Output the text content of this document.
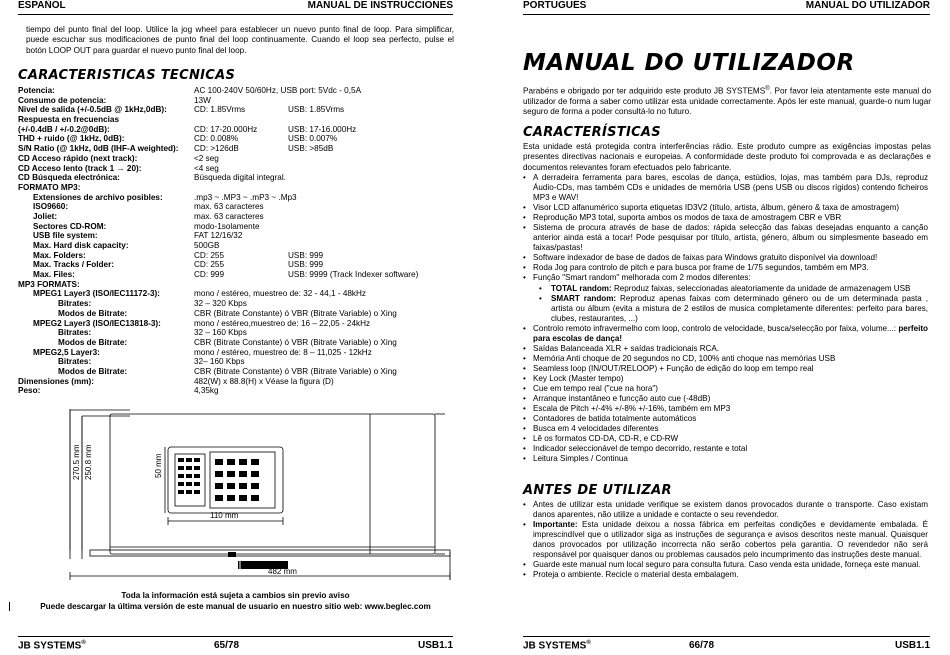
ESPAÑOL	MANUAL DE INSTRUCCIONES
tiempo del punto final del loop. Utilice la jog wheel para establecer un nuevo punto final de loop. Para simplificar, puede escuchar sus modificaciones de punto final del loop continuamente. Cuando el loop sea perfecto, pulse el botón LOOP OUT para guardar el nuevo punto final del loop.
CARACTERISTICAS TECNICAS
Potencia:	AC 100-240V 50/60Hz, USB port: 5Vdc - 0,5A
Consumo de potencia:	13W
Nivel de salida (+/-0.5dB @ 1kHz,0dB):	CD: 1.85Vrms	USB: 1.85Vrms
Respuesta en frecuencias
(+/-0.4dB / +/-0.2@0dB):	CD: 17-20.000Hz	USB: 17-16.000Hz
THD + ruido (@ 1kHz, 0dB):	CD: 0.008%	USB: 0.007%
S/N Ratio (@ 1kHz, 0dB (IHF-A weighted): CD: >126dB	USB: >85dB
CD Acceso rápido (next track):	<2 seg
CD Acceso lento (track 1 → 20):	<4 seg
CD Búsqueda electrónica:	Búsqueda digital integral.
FORMATO MP3:
Extensiones de archivo posibles:	.mp3 ~ .MP3 ~ .mP3 ~ .Mp3
ISO9660:	max. 63 caracteres
Joliet:	max. 63 caracteres
Sectores CD-ROM:	modo-1solamente
USB file system:	FAT 12/16/32
Max. Hard disk capacity:	500GB
Max. Folders:	CD: 255	USB: 999
Max. Tracks / Folder:	CD: 255	USB: 999
Max. Files:	CD: 999	USB: 9999 (Track Indexer software)
MP3 FORMATS:
MPEG1 Layer3 (ISO/IEC11172-3):	mono / estéreo, muestreo de: 32 - 44,1 - 48kHz
Bitrates:	32 – 320 Kbps
Modos de Bitrate:	CBR (Bitrate Constante) ó VBR (Bitrate Variable) o Xing
MPEG2 Layer3 (ISO/IEC13818-3):	mono / estéreo,muestreo de: 16 – 22,05 - 24kHz
Bitrates:	32 – 160 Kbps
Modos de Bitrate:	CBR (Bitrate Constante) ó VBR (Bitrate Variable) o Xing
MPEG2,5 Layer3:	mono / estéreo, muestreo de: 8 – 11,025 - 12kHz
Bitrates:	32– 160 Kbps
Modos de Bitrate:	CBR (Bitrate Constante) ó VBR (Bitrate Variable) o Xing
Dimensiones (mm):	482(W) x 88.8(H) x Véase la figura (D)
Peso:	4,35kg
270.5 mm 250.8 mm	50 mm
110 mm
482 mm
Toda la información está sujeta a cambios sin previo aviso
Puede descargar la última versión de este manual de usuario en nuestro sitio web: www.beglec.com
JB SYSTEMS®	65/78	USB1.1
PORTUGUÊS	MANUAL DO UTILIZADOR
MANUAL DO UTILIZADOR
Parabéns e obrigado por ter adquirido este produto JB SYSTEMS®. Por favor leia atentamente este manual do utilizador de forma a saber como utilizar esta unidade correctamente. Após ler este manual, guarde-o num lugar seguro de forma a poder consultá-lo no futuro.
CARACTERÍSTICAS
Esta unidade está protegida contra interferências rádio. Este produto cumpre as exigências impostas pelas presentes directivas nacionais e europeias. A conformidade deste produto foi comprovada e as declarações e documentos relevantes foram efectuados pelo fabricante.
• A derradeira ferramenta para bares, escolas de dança, estúdios, lojas, mas também para DJs, reproduz Áudio-CDs, mas também CDs e unidades de memória USB (pens USB ou discos rígidos) contendo ficheiros MP3 e WAV!
• Visor LCD alfanumérico suporta etiquetas ID3V2 (título, artista, álbum, género & taxa de amostragem)
• Reprodução MP3 total, suporta ambos os modos de taxa de amostragem CBR e VBR
• Sistema de procura através de base de dados: rápida selecção das faixas desejadas enquanto a canção anterior ainda está a tocar! Pode pesquisar por título, artista, género, álbum ou simplesmente baseado em faixas/pastas!
• Software indexador de base de dados de faixas para Windows gratuito disponível via download!
• Roda Jog para controlo de pitch e para busca por frame de 1/75 segundos, também em MP3.
• Função "Smart random" melhorada com 2 modos diferentes:
• TOTAL random: Reproduz faixas, seleccionadas aleatoriamente da unidade de armazenagem USB
• SMART random: Reproduz apenas faixas com determinado género ou de um determinada pasta , artista ou álbum (evita a mistura de 2 estilos de musica completamente diferentes: perfeito para bares, clubes, restaurantes, ...)
• Controlo remoto infravermelho com loop, controlo de velocidade, busca/selecção por faixa, volume...: perfeito para escolas de dança!
• Saídas Balanceada XLR + saídas tradicionais RCA.
• Memória Anti choque de 20 segundos no CD, 100% anti choque nas memórias USB
• Seamless loop (IN/OUT/RELOOP) + Função de edição do loop em tempo real
• Key Lock (Master tempo)
• Cue em tempo real ("cue na hora")
• Arranque instantâneo e funcção auto cue (-48dB)
• Escala de Pitch +/-4% +/-8% +/-16%, também em MP3
• Contadores de batida totalmente automáticos
• Busca em 4 velocidades diferentes
• Lê os formatos CD-DA, CD-R, e CD-RW
• Indicador seleccionável de tempo decorrido, restante e total
• Leitura Simples / Continua
ANTES DE UTILIZAR
• Antes de utilizar esta unidade verifique se existem danos provocados durante o transporte. Caso existam danos aparentes, não utilize a unidade e contacte o seu revendedor.
• Importante: Esta unidade deixou a nossa fábrica em perfeitas condições e devidamente embalada. É imprescindível que o utilizador siga as instruções de segurança e avisos descritos neste manual. Quaisquer danos provocados por utilização incorrecta não serão cobertos pela garantia. O revendedor não será responsável por quaisquer danos ou problemas causados pelo incumprimento das instruções deste manual.
• Guarde este manual num local seguro para consulta futura. Caso venda esta unidade, forneça este manual.
• Proteja o ambiente. Recicle o material desta embalagem.
JB SYSTEMS®	66/78	USB1.1
